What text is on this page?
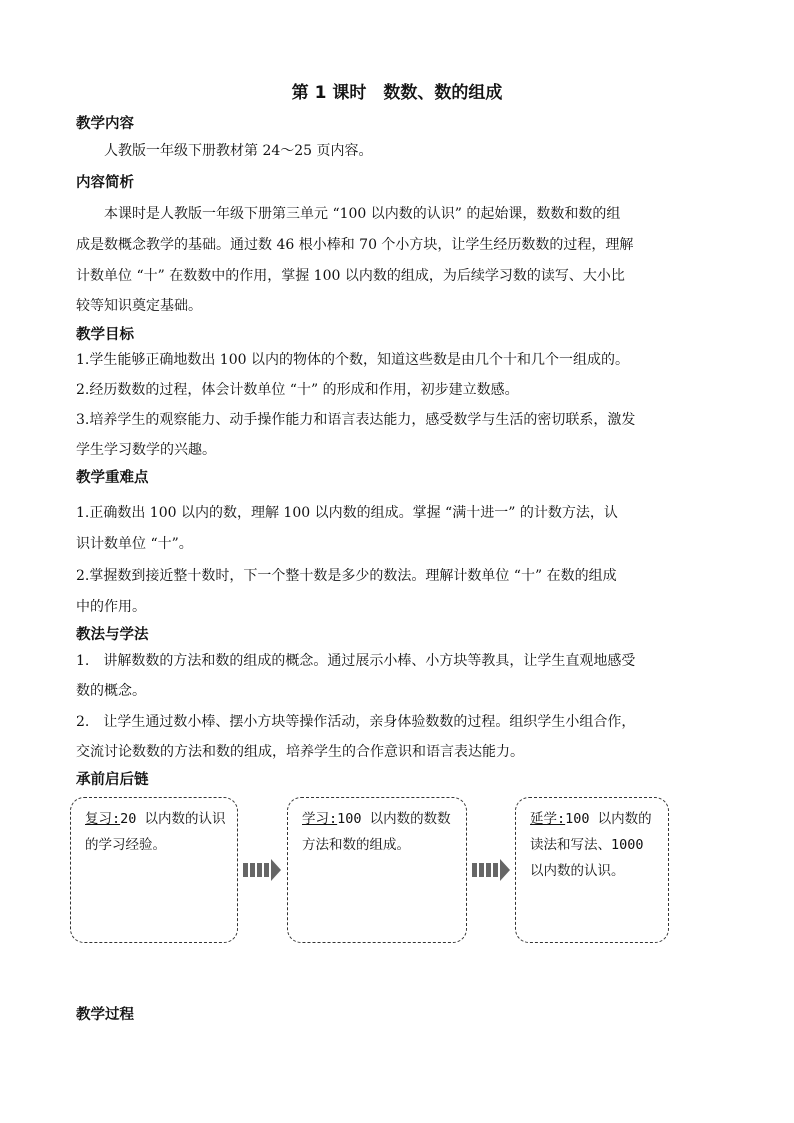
第 1 课时　数数、数的组成
教学内容
人教版一年级下册教材第 24～25 页内容。
内容简析
本课时是人教版一年级下册第三单元 “100 以内数的认识” 的起始课，数数和数的组
成是数概念教学的基础。通过数 46 根小棒和 70 个小方块，让学生经历数数的过程，理解
计数单位 “十” 在数数中的作用，掌握 100 以内数的组成，为后续学习数的读写、大小比
较等知识奠定基础。
教学目标
1.学生能够正确地数出 100 以内的物体的个数，知道这些数是由几个十和几个一组成的。
2.经历数数的过程，体会计数单位 “十” 的形成和作用，初步建立数感。
3.培养学生的观察能力、动手操作能力和语言表达能力，感受数学与生活的密切联系，激发
学生学习数学的兴趣。
教学重难点
1.正确数出 100 以内的数，理解 100 以内数的组成。掌握 “满十进一” 的计数方法，认
识计数单位 “十”。
2.掌握数到接近整十数时，下一个整十数是多少的数法。理解计数单位 “十” 在数的组成
中的作用。
教法与学法
1.　讲解数数的方法和数的组成的概念。通过展示小棒、小方块等教具，让学生直观地感受
数的概念。
2.　让学生通过数小棒、摆小方块等操作活动，亲身体验数数的过程。组织学生小组合作，
交流讨论数数的方法和数的组成，培养学生的合作意识和语言表达能力。
承前启后链
复习:20 以内数的认识的学习经验。
学习:100 以内数的数数方法和数的组成。
延学:100 以内数的读法和写法、1000 以内数的认识。
教学过程
